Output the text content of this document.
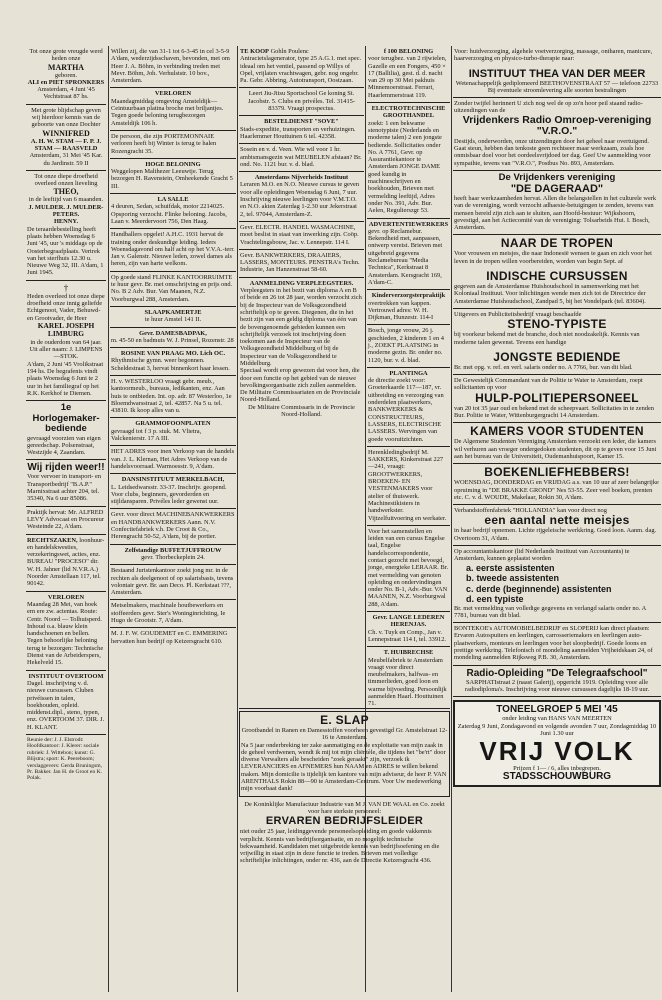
Tot onze grote vreugde werd heden onze
MARTHA
geboren.
ALI en PIET SPRONKERS
Amsterdam, 4 Juni '45 Vechtstraat 87 hs.
Met grote blijdschap geven wij hierdoor kennis van de geboorte van onze Dochter
WINNIFRED
A. H. W. STAM — F. P. J. STAM — RAASVELD
Amsterdam, 31 Mei '45 Kar. du Jardinstr. 59 II
Tot onze diepe droefheid overleed onzen lieveling
THEO,
in de leeftijd van 6 maanden.
J. MULDER. J. MULDER-PETERS.
HENNY.
De teraardebestelling heeft plaats hebben Woensdag 6 Juni '45, uur 's middags op de Oosterbegraafplaats. Vertrek van het sterfhuis 12.30 u. Nieuwe Weg 32, III. A'dam, 1 Juni 1945.
†
Heden overleed tot onze diepe droefheid onze innig geliefde Echtgenoot, Vader, Behuwd- en Grootvader, de Heer
KAREL JOSEPH LIMBURG
in de ouderdom van 64 jaar.
Uit aller naam: J. LIMPENS—STOK.
A'dam, 2 Juni '45 Vrolikstraat 194 hs. De begrafenis vindt plaats Woensdag 6 Juni te 2 uur in het familiegraf op het R.K. Kerkhof te Diemen.
1e Horlogemaker-bediende
gevraagd voorzien van eigen gereedschap. Polsenstraat, Westzijde 4, Zaandam.
Wij rijden weer!!
Voor vervoer in transport- en Transportbedrijf "B.A.P." Marnixstraat achter 204, tel. 35340, Na 6 uur 85086.
Praktijk hervat: Mr. ALFRED LEVY Advocaat en Procureur Westeinde 22, A'dam.
RECHTSZAKEN, loonhuur- en handelskwesties, verzekeringswet, acties, enz. BUREAU "PROCESO" dir. W. H. Jahner (lid N.V.R.A.) Noorder Amstellaan 117, tel. 90142.
VERLOREN
Maandag 28 Mei, van hoek ern ere zw. actentas. Route: Centr. Noord — Tolhuisperd. Inhoud o.a. blauw klein handschoenen en bellen. Tegen behoorlijke beloning terug te bezorgen: Technische Dienst van de Arbeiderspers, Hekelveld 15.
INSTITUUT OVERTOOM
Dagel. inschrijving v. d. nieuwe cursussen. Cluben privéissen in talen, boekhouden, opleid. middenst.dipl., steno, typen, enz. OVERTOOM 37. DIR. J. H. KLANT.
Reunie der: J. J. Elstrodt: Hoofdkantoor: J. Klerer: sociale rubriek: J. Wittebon; kunst: G. Blijstra; sport: K. Peereboom; verslaggevers: Gerda Bruningsm, Pr. Bakker. Jan H. de Groot en K. Polak.
Willen zij, die van 31-1 tot 6-3-45 in cel 3-5-9 A'dam, wederzijdsschaven, bevonden, met om Heer J. A. Böhm, in verbinding treden met Mevr. Böhm, Joh. Verhulststr. 10 bov., Amsterdam.
VERLOREN
Maandagmiddag omgeving Amsteldijk—Ceintuurbaan platina broche met briljantjes. Tegen goede beloning terugbezorgen Amsteldijk 106 h.
De persoon, die zijn PORTEMONNAIE verloren heeft bij Winter is terug te halen Rozengracht 35.
HOGE BELONING
Weggelopen Malthezer Leeuwtje. Terug bezorgen H. Ravenstein, Omheekende Gracht 5 III.
LA SALLE
4 deuren, Sedan, schuifdak, motor 2214025. Opsporing verzocht. Flinke beloning. Jacobs, Laan v. Meerdervoort 756, Den Haag.
Handballers opgelet! A.H.C. 1931 hervat de training onder deskundige leiding. Ieders Woensdagavond om half acht op het V.V.A.-terr. Jan v. Galenstr. Nieuwe leden, zowel dames als heren, zijn van harte welkom.
Op goede stand FLINKE KANTOORRUIMTE te huur gevr. Br. met omschrijving en prijs ond. No. B 2 Adv. Bur. Van Maanen, N.Z. Voorburgwal 288, Amsterdam.
SLAAPKAMERTJE
te huur Amstel 141 II.
Gevr. DAMESBADPAK,
m. 45-50 en badmuts W. J. Prinsel, Rozenstr. 28
ROSINE VAN PRAAG MO. Lich OC.
Rhythmische gymn. weer begonnen. Scheldestraat 3, hervat binnenkort haar lessen.
H. v. WESTERLOO vraagt gebr. meub., kantoormeub., bureaus, ledikanten, enz. Aan huis te ontbieden. Int. op. adr. 87 Westerloo, 1e Bloemdwarsstraat 2, tel. 42857. Na 5 u. tel. 43810. Ik koop alles van u.
GRAMMOFOONPLATEN
gevraagd tot f 3 p. stuk. M. Vlietra, Valckenierstr. 17 A III.
HET ADRES voor inen Verkoop van de handels van. J. L. Klernan, Het Adres Verkoop van de handelsvoorraad. Warmoesstr. 9, A'dam.
DANSINSTITUUT MERKELBACH,
L. Leidsedwarsstr. 33-37. Inschrijv. geopend. Voor clubs, beginners, gevorderden en stijldansparen. Privéles leder gewenst uur.
Gevr. voor direct MACHINEBANKWERKERS en HANDBANKWERKERS Aann. N.V. Confectiefabriek v.h. De Croot & Co., Herengracht 50-52, A'dam, bij de portier.
Zelfstandige BUFFETJUFFROUW
gevr. Thorbeckeplein 24.
Bestaand Juristenkantoor zoekt jong mr. in de rechten als deelgenoot of op salarisbasis, tevens volontair gevr. Br. aan Deco. Pl. Kerkstaat ???, Amsterdam.
Metselmakers, machinale houtbewerkers en stoffeerders gevr. Ster's Woninginrichting, Ie Hugo de Grootstr. 7, A'dam.
M. J. F. W. GOUDEMET en C. EMMERING hervatten hun bedrijf op Keizersgracht 610.
TE KOOP Gohln Poulenc Antracietslagenerator, type 25 A.G.1. met spec. ideaal om het ventiel, passend op Willys of Opel, vrijlaten vrachtwagen, gebr. nog ongebr. Pa. Gebr. Abbring, Autotransport, Oostzaan.
Leert Jiu-Jitsu Sportschool Ge koning St. Jacobstr. 5. Clubs en privéles. Tel. 31415-83379. Vraagt prospectus.
BESTELDIENST "SOVE"
Stads-expeditie, transporten en verhuizingen. Haarlemmer Houttuinen 6 tel. 42358.
Sosein en v. d. Veen. Wie wil voor 1 hr. ambtsmansgezin wat MEUBELEN afstaan? Br. ond. No. 1121 bur. v. d. blad.
Amsterdams Nijverheids Instituut
Leraren M.O. en N.O. Nieuwe cursus te geven voor alle opleidingen Woensdag 6 Juni, 7 uur. Inschrijving nieuwe leerlingen voor V.M.T.O. en N.O. akten Zaterdag 1-2.30 uur Jekerstraat 2, tel. 97044, Amsterdam-Z.
Gevr. ELECTR. HANDEL WASMACHINE, moet beslist in staat van inwerking zijn. Coöp. Vrachtelingsbouw, Jac. v. Lennepstr. 114 I.
Gevr. BANKWERKERS, DRAAIERS, LASSERS, MONTEURS. PENSTRA's Techn. Industrie, Jan Hanzenstraat 58-60.
AANMELDING VERPLEEGSTERS.
Verpleegsters in het bezit van diploma A en B of beide en 26 tot 28 jaar, worden verzocht zich bij de Inspecteur van de Volksgezondheid schriftelijk op te geven. Diegenen, die in het bezit zijn van een geldig diploma van één van de bovengenoemde gebieden kunnen een schrijftelijk verzoek tot inschrijving doen toekomen aan de Inspecteur van de Volksgezondheid Middelburg of bij de Inspecteur van de Volksgezondheid te Middelburg.
Speciaal wordt erop gewezen dat voor hen, die door een functie op het gebied van de nieuwe bevolkingsorganisatie zich zullen aanmelden. De Militaire Commissariaten en de Provinciale Noord-Holland.
De Militaire Commissaris in de Provincie Noord-Holland.
f 100 BELONING
voor terugbez. van 2 rijwielen, Gazelle en een Fongers, 450 × 17 (Ballilia), gest. d. d. nacht van 29 op 30 Mei pakhuis Minnemoerstraat. Ferrari, Haarlemmerstraat 119.
ELECTROTECHNISCHE GROOTHANDEL
zoekt: 1 een bekwame stenotypiste (Nederlands en moderne talen) 2 een jongste bediende. Sollicitaties onder No. A 7761, Gevr. op Assurantiekantoor te Amsterdam JONGE DAME goed kundig in machineschrijven en boekhouden, Brieven met vermelding leeftijd, Adres onder No. 391, Adv. Bur. Aelen, Regulierszgr 53.
ADVERTENTIEWERKERS
gevr. op Reclamebur. Bekendheid met, aanpassen, ontwerp vereist. Brieven met uitgebreid gegevens Reclamebureau "Media Technica", Kerkstraat 8 Amsterdam. Kersgracht 169, A'dam-C.
Kinderverzorgsterpraktijk
overtrekken van kappen. Vertrouwd adres: W. H. Dijkman, Hunzestr. 114-I
Bosch, jonge vrouw, 26 j. geschieden, 2 kinderen 1 en 4 j., ZOEKT PLAATSING in moderne gezin. Br. onder no. 1120, bur. v. d. blad.
PLANTINGA
de directie zoekt voor: Groeterkaarde 117—187, vr. uitbreiding en verzorging van onderdelen plaatwerkers, BANKWERKERS & CONSTRUCTEURS, LASSERS, ELECTRISCHE LASSERS. Wervingen van goede vooruitzichten.
Herenkledingbedrijf M. SAKKERS, Kinkerstraat 227—241, vraagt: GROOTWERKERS, BROEKEN- EN VESTENMAKERS voor atelier of thuiswerk. Machinestikisters in handwerkster. Vijtzelfuitvoering en werkater.
Voor het samenstellen en leiden van een cursus Engelse taal, Engelse handelscorrespondentie, contact gezocht met bevoegd, jonge, energieke LERAAR. Br. met vermelding van genoten opleiding en ondervindingen onder No. B-1, Adv.-Bur. VAN MAANEN, N.Z. Voorburgwal 288, A'dam.
Gevr. LANGE LEDEREN HERENJAS.
Ch. v. Tuyk en Comp., Jan v. Lennepstraat 114 I, tel. 33912.
T. HUIBRECHSE
Meubelfabriek te Amsterdam vraagt voor direct meubelmakers, halfwas- en timmerlieden, goed loon en warme bijvoeding. Persoonlijk aanmelden Haarl. Houttuinen 71.
E. SLAP
Grootbandel in Ranen en Damesstoffen voorheen gevestigd Gr. Amstelstraat 12-16 te Amsterdam.
Na 5 jaar onderbreking ter zake aanmatiging en de exploitatie van mijn zaak in de geheel verdwenen, wendt ik mij tot mijn cliëntèle, die tijdens het "be'rt" door diverse Verwalters alle bescheiden "zoek geraakt" zijn, verzoek ik LEVERANCIERS en AFNEMERS hun NAAM en ADRES te willen bekend maken. Mijn domicilie is tijdelijk ten kantore van mijn adviseur, de heer P. VAN ARENTHALS Rokin 88—90 te Amsterdam-Centrum. Voor Uw medewerking mijn voorbaat dank!
De Koninklijke Manufactuur Industrie van M J. VAN DE WAAL en Co. zoekt voor hare sterkste personeel:
ERVAREN BEDRIJFSLEIDER
niet ouder 25 jaar, leidinggevende personeelsopleiding en goede vakkennis verplicht. Kennis van bedrijfsorganisatie, en zo mogelijk technische bekwaamheid. Kandidaten met uitgebreide kennis van bedrijfsoefening en die vrijwillig in staat zijn in deze functie te treden. Brieven met volledige schriftelijke inlichtingen, onder nr. 436, aan de Directie Keizersgracht 436.
Voor: huidverzorging, algehele voetverzorging, massage, ontharen, manicure, haarverzorging en physico-turbo-therapie naar:
INSTITUUT THEA VAN DER MEER
Wetenachappelijk gediplomeerd BEETHOVENSTRAAT 57 — telefoon 22733 Bij eventuele stroomlevering alle soorten bestralingen
Zonder twijfel herinnert U zich nog wel de op zo'n hoor peil staand radio-uitzendingen van de
Vrijdenkers Radio Omroep-vereniging "V.R.O."
Destijds, onderworden, onze uitzendingen door het geheel naar overtuigend. Gaat steun, hebben dan tenkoste geen rechtseer maar werkzaam, zoals hoe onmisbaar doel voor het oordeelsvrijdoed ter dag. Geef Uw aanmelding voor sympathie, tevens van "V.R.O.", Postbus No. 893, Amsterdam.
De Vrijdenkers vereniging
"DE DAGERAAD"
heeft haar werkzaamheden hervat. Allen die belangstellen in het culturele werk van de vereniging, wordt verzocht adhaesie-betuigingen te zenden, tevens van mensen bereid zijn zich aan te sluiten, aan Hoofd-bestuur: Wijkshoorn, gevestigd, aan het Actiecomité van de vereniging: Tolsarbeids Hui. I. Bosch, Amsterdam.
NAAR DE TROPEN
Voor vrouwen en meisjes, die naar Indonesië wensen te gaan en zich voor het leven in de tropen willen voorbereiden, worden van begin Sept. af
INDISCHE CURSUSSEN
gegeven aan de Amsterdamse Huishoudschool in samenwerking met het Koloniaal Instituut. Voor inlichtingen wende men zich tot de Directrice der Amsterdamse Huishoudschool, Zandpad 5, bij het Vondelpark (tel. 83604).
Uitgevers en Publiciteitsbedrijf vraagt beschaafde
STENO-TYPISTE
bij voorkeur bekend met de branche, doch niet noodzakelijk. Kennis van moderne talen gewenst. Tevens een handige
JONGSTE BEDIENDE
Br. met opg. v. ref. en verl. salaris onder no. A 7766, bur. van dit blad.
De Gewestelijk Commandant van de Politie te Water te Amsterdam, roept sollicitanten op voor
HULP-POLITIEPERSONEEL
van 20 tot 35 jaar oud en bekend met de scheepvaart. Sollicitaties in te zenden Bur. Politie te Water, Wittenburgergracht 14 Amsterdam.
KAMERS VOOR STUDENTEN
De Algemene Studenten Vereniging Amsterdam verzoekt een leder, die kamers wil verhuren aan vroeger ondergedoken studenten, dit op te geven voor 15 Juni aan het bureau van de Universiteit, Oudemanhuispoort, Kamer 15.
BOEKENLIEFHEBBERS!
WOENSDAG, DONDERDAG en VRIJDAG a.s. van 10 uur af zeer belangrijke opruiming in "DE BRAKKE GROND" Nes 53-55. Zeer veel boeken, prenten etc. C. v. d. WOUDE, Makelaar, Rokin 30, A'dam.
Verbandstoffenfabriek "HOLLANDIA" kan voor direct nog
een aantal nette meisjes
in haar bedrijf opnemen. Lichte rijgeleische werkkring. Goed loon. Aanm. dag. Overtoom 31, A'dam.
Op accountantskantoor (lid Nederlands Instituut van Accountants) te Amsterdam, kunnen geplaatst worden
a. eerste assistenten
b. tweede assistenten
c. derde (beginnende) assistenten
d. een typiste
Br. met vermelding van volledige gegevens en verlangd salaris onder no. A 7781, bureau van dit blad.
BONTEKOE's AUTOMOBIELBEDRIJF en SLOPERIJ kan direct plaatsen: Ervaren Autospuiters en leerlingen, carrosseriemakers en leerlingen auto-plaatwerkers, monteurs en leerlingen voor het sloopbedrijf. Goede loons en prettige werkkring. Telefonisch of mondeling aanmelden Vrijheidskaan 24, of mondeling aanmelden Rijksweg P.B. 30, Amsterdam.
Radio-Opleiding "De Telegraafschool"
SARPHATIstraat 2 (naast Galerij), opgericht 1919. Opleiding voor alle radiodiploma's. Inschrijving voor nieuwe cursussen dagelijks 18-19 uur.
TONEELGROEP 5 MEI '45
onder leiding van HANS VAN MEERTEN
Zaterdag 9 Juni, Zondagavond en volgende avonden 7 uur, Zondagmiddag 10 Juni 1.30 uur
VRIJ VOLK
Prijzen f 1— / 6, alles inbegrepen.
STADSSCHOUWBURG
